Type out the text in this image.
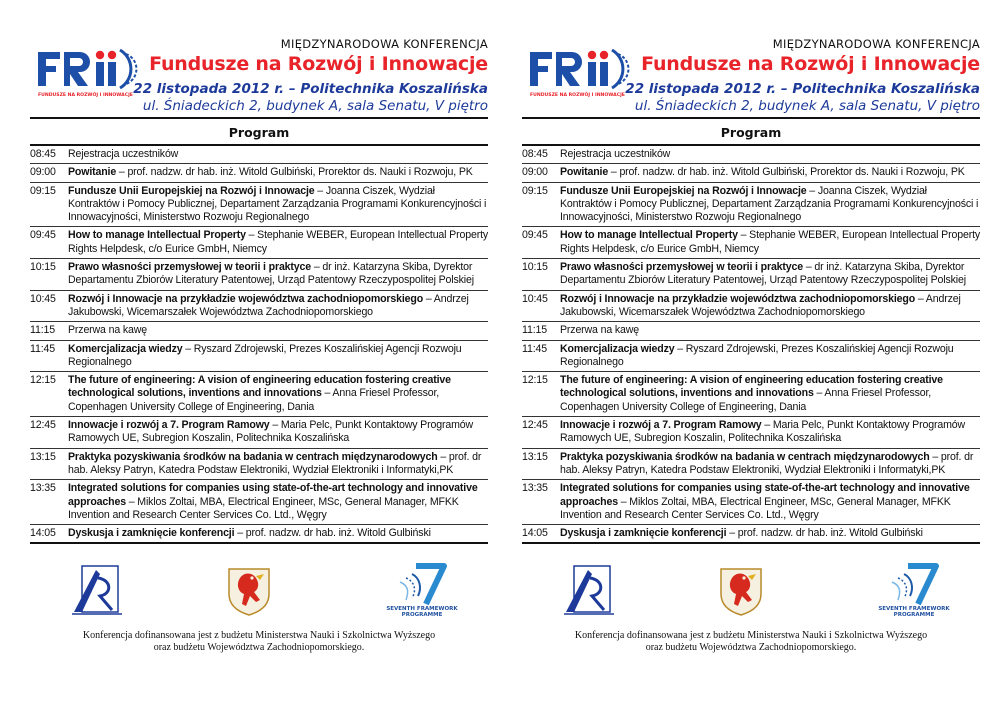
FUNDUSZE NA ROZWÓJ I INNOWACJE
MIĘDZYNARODOWA KONFERENCJA
Fundusze na Rozwój i Innowacje
22 listopada 2012 r. – Politechnika Koszalińska
ul. Śniadeckich 2, budynek A, sala Senatu, V piętro
Program
08:45	Rejestracja uczestników
09:00	Powitanie – prof. nadzw. dr hab. inż. Witold Gulbiński, Prorektor ds. Nauki i Rozwoju, PK
09:15	Fundusze Unii Europejskiej na Rozwój i Innowacje – Joanna Ciszek, Wydział Kontraktów i Pomocy Publicznej, Departament Zarządzania Programami Konkurencyjności i Innowacyjności, Ministerstwo Rozwoju Regionalnego
09:45	How to manage Intellectual Property – Stephanie WEBER, European Intellectual Property Rights Helpdesk, c/o Eurice GmbH, Niemcy
10:15	Prawo własności przemysłowej w teorii i praktyce – dr inż. Katarzyna Skiba, Dyrektor Departamentu Zbiorów Literatury Patentowej, Urząd Patentowy Rzeczypospolitej Polskiej
10:45	Rozwój i Innowacje na przykładzie województwa zachodniopomorskiego – Andrzej Jakubowski, Wicemarszałek Województwa Zachodniopomorskiego
11:15	Przerwa na kawę
11:45	Komercjalizacja wiedzy – Ryszard Zdrojewski, Prezes Koszalińskiej Agencji Rozwoju Regionalnego
12:15	The future of engineering: A vision of engineering education fostering creative technological solutions, inventions and innovations – Anna Friesel Professor, Copenhagen University College of Engineering, Dania
12:45	Innowacje i rozwój a 7. Program Ramowy – Maria Pelc, Punkt Kontaktowy Programów Ramowych UE, Subregion Koszalin, Politechnika Koszalińska
13:15	Praktyka pozyskiwania środków na badania w centrach międzynarodowych – prof. dr hab. Aleksy Patryn, Katedra Podstaw Elektroniki, Wydział Elektroniki i Informatyki,PK
13:35	Integrated solutions for companies using state-of-the-art technology and innovative approaches – Miklos Zoltai, MBA, Electrical Engineer, MSc, General Manager, MFKK Invention and Research Center Services Co. Ltd., Węgry
14:05	Dyskusja i zamknięcie konferencji – prof. nadzw. dr hab. inż. Witold Gulbiński
SEVENTH FRAMEWORK
PROGRAMME
Konferencja dofinansowana jest z budżetu Ministerstwa Nauki i Szkolnictwa Wyższego
oraz budżetu Województwa Zachodniopomorskiego.
FUNDUSZE NA ROZWÓJ I INNOWACJE
MIĘDZYNARODOWA KONFERENCJA
Fundusze na Rozwój i Innowacje
22 listopada 2012 r. – Politechnika Koszalińska
ul. Śniadeckich 2, budynek A, sala Senatu, V piętro
Program
08:45	Rejestracja uczestników
09:00	Powitanie – prof. nadzw. dr hab. inż. Witold Gulbiński, Prorektor ds. Nauki i Rozwoju, PK
09:15	Fundusze Unii Europejskiej na Rozwój i Innowacje – Joanna Ciszek, Wydział Kontraktów i Pomocy Publicznej, Departament Zarządzania Programami Konkurencyjności i Innowacyjności, Ministerstwo Rozwoju Regionalnego
09:45	How to manage Intellectual Property – Stephanie WEBER, European Intellectual Property Rights Helpdesk, c/o Eurice GmbH, Niemcy
10:15	Prawo własności przemysłowej w teorii i praktyce – dr inż. Katarzyna Skiba, Dyrektor Departamentu Zbiorów Literatury Patentowej, Urząd Patentowy Rzeczypospolitej Polskiej
10:45	Rozwój i Innowacje na przykładzie województwa zachodniopomorskiego – Andrzej Jakubowski, Wicemarszałek Województwa Zachodniopomorskiego
11:15	Przerwa na kawę
11:45	Komercjalizacja wiedzy – Ryszard Zdrojewski, Prezes Koszalińskiej Agencji Rozwoju Regionalnego
12:15	The future of engineering: A vision of engineering education fostering creative technological solutions, inventions and innovations – Anna Friesel Professor, Copenhagen University College of Engineering, Dania
12:45	Innowacje i rozwój a 7. Program Ramowy – Maria Pelc, Punkt Kontaktowy Programów Ramowych UE, Subregion Koszalin, Politechnika Koszalińska
13:15	Praktyka pozyskiwania środków na badania w centrach międzynarodowych – prof. dr hab. Aleksy Patryn, Katedra Podstaw Elektroniki, Wydział Elektroniki i Informatyki,PK
13:35	Integrated solutions for companies using state-of-the-art technology and innovative approaches – Miklos Zoltai, MBA, Electrical Engineer, MSc, General Manager, MFKK Invention and Research Center Services Co. Ltd., Węgry
14:05	Dyskusja i zamknięcie konferencji – prof. nadzw. dr hab. inż. Witold Gulbiński
SEVENTH FRAMEWORK
PROGRAMME
Konferencja dofinansowana jest z budżetu Ministerstwa Nauki i Szkolnictwa Wyższego
oraz budżetu Województwa Zachodniopomorskiego.
